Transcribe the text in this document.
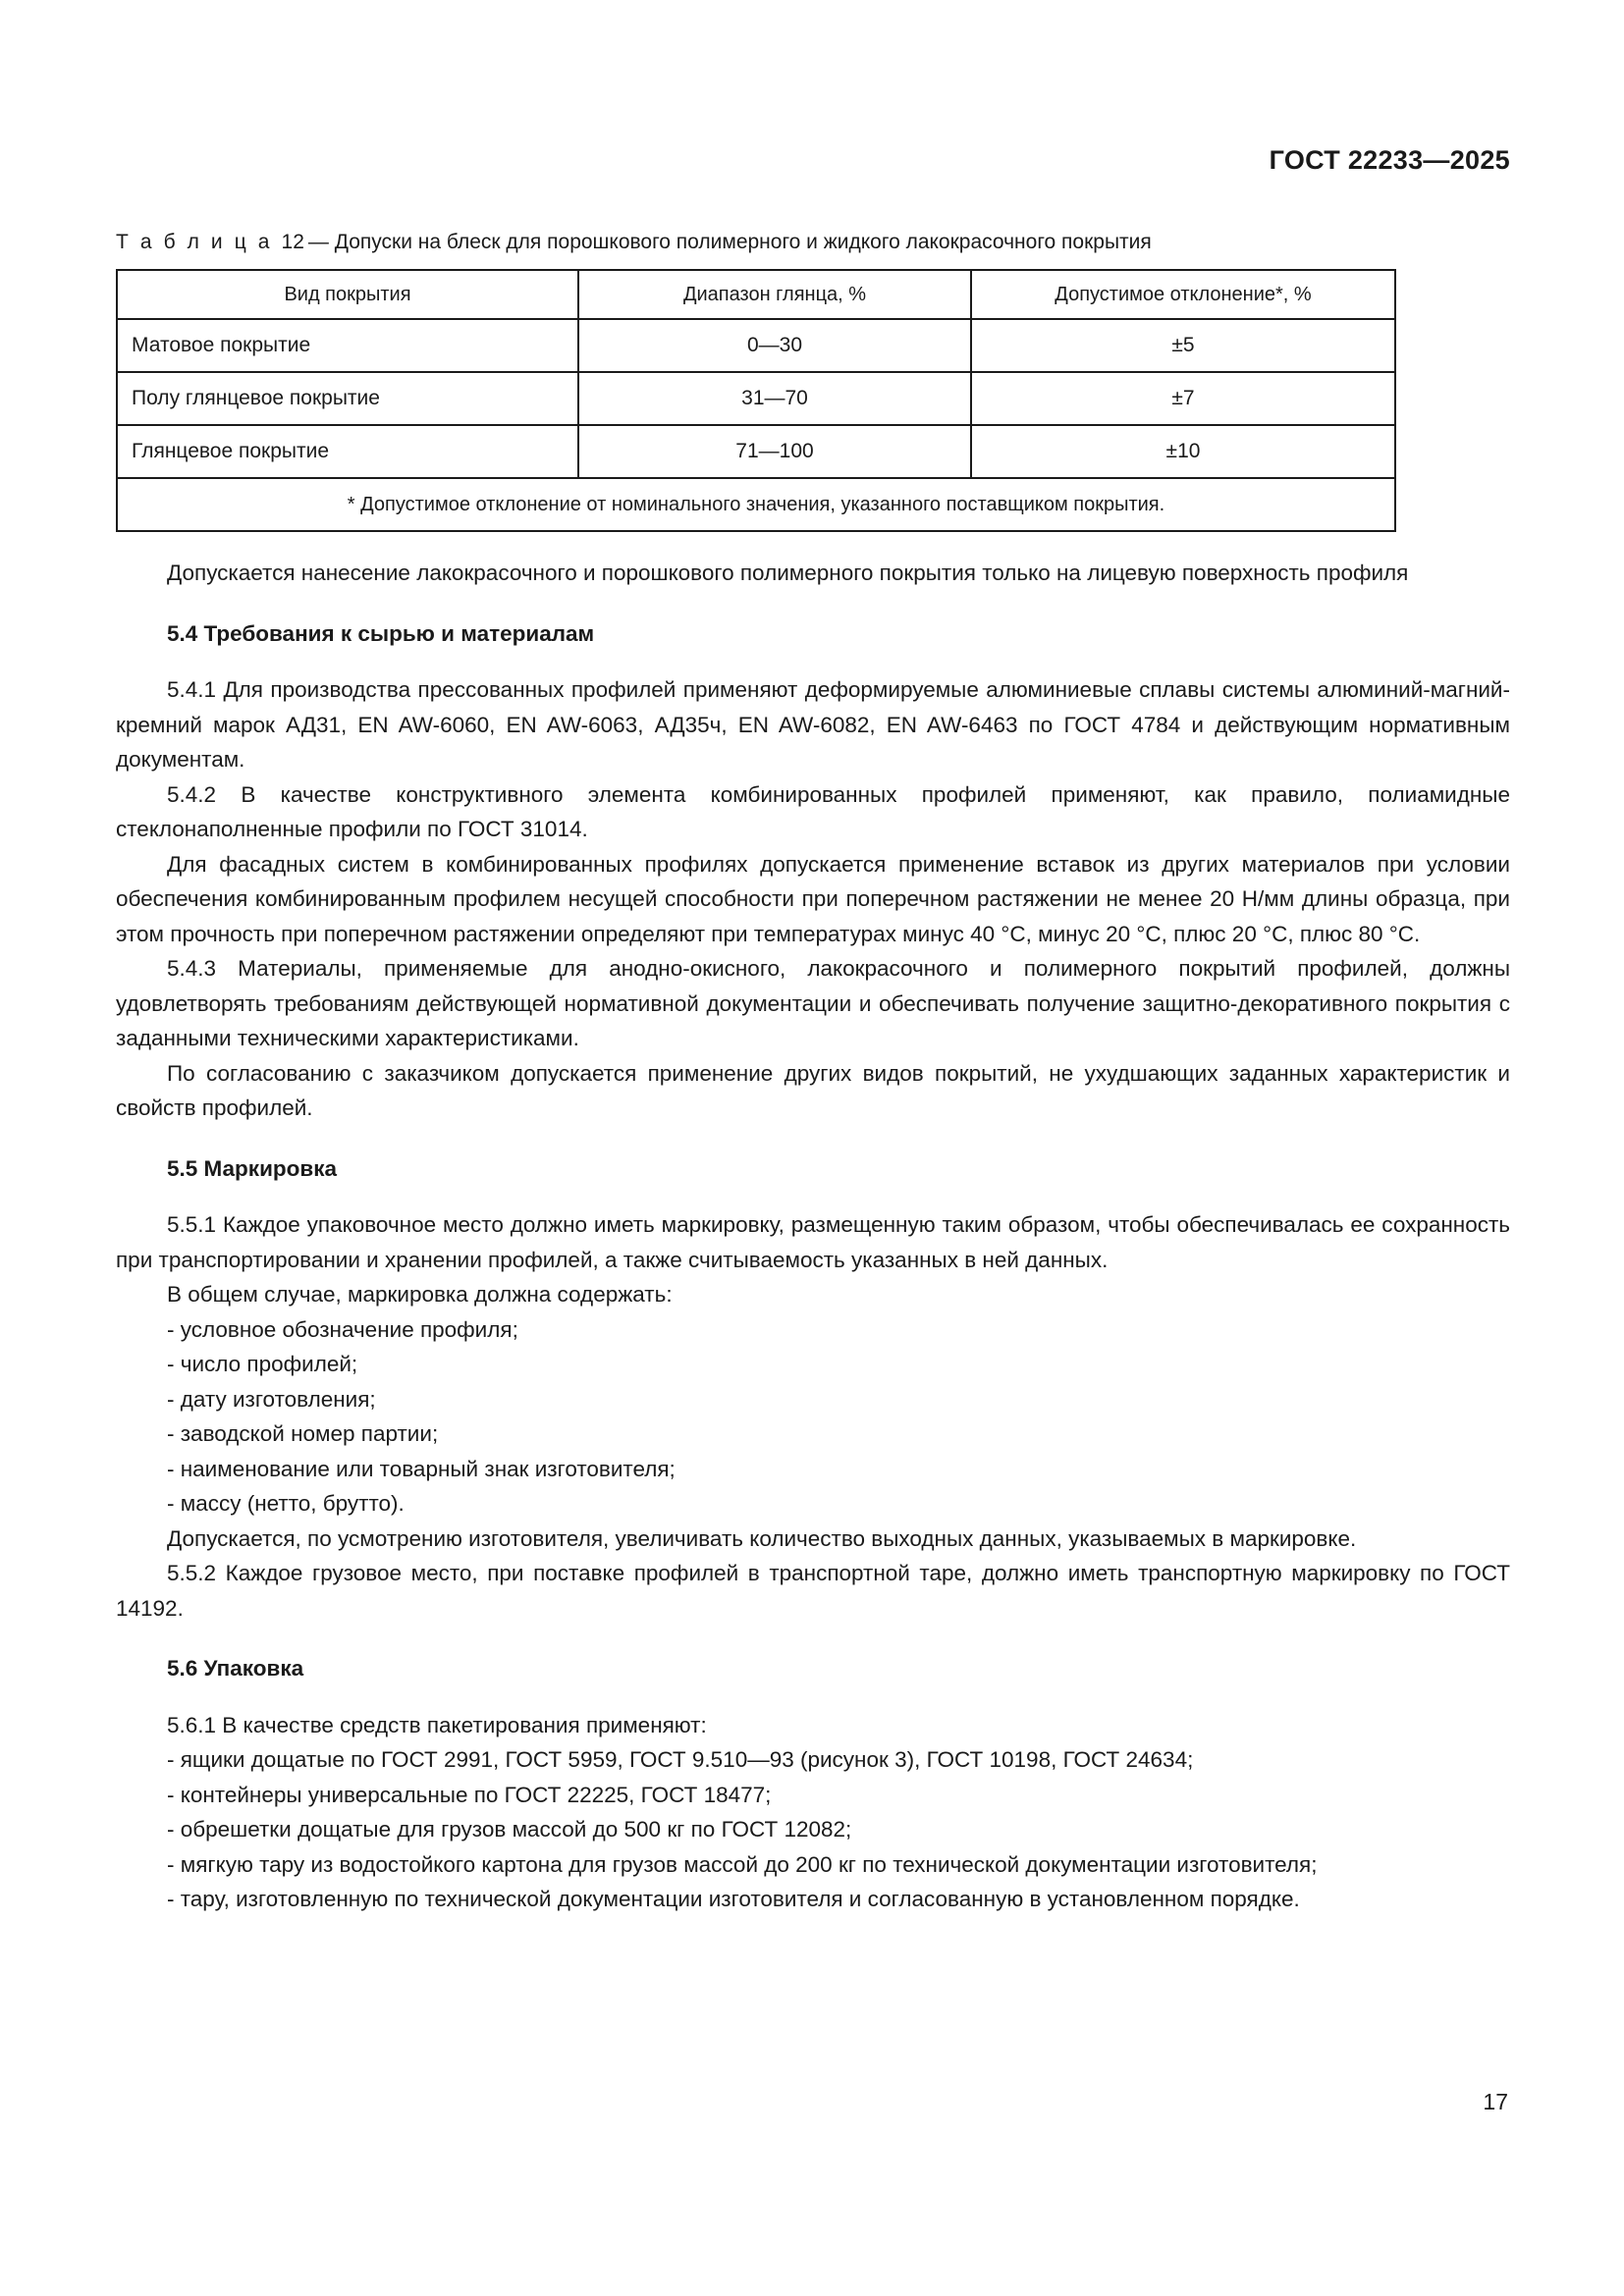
ГОСТ 22233—2025
Т а б л и ц а 12 — Допуски на блеск для порошкового полимерного и жидкого лакокрасочного покрытия
Вид покрытия	Диапазон глянца, %	Допустимое отклонение*, %
Матовое покрытие	0—30	±5
Полу глянцевое покрытие	31—70	±7
Глянцевое покрытие	71—100	±10
* Допустимое отклонение от номинального значения, указанного поставщиком покрытия.		

Допускается нанесение лакокрасочного и порошкового полимерного покрытия только на лицевую поверхность профиля

5.4 Требования к сырью и материалам

5.4.1 Для производства прессованных профилей применяют деформируемые алюминиевые сплавы системы алюминий-магний-кремний марок АД31, EN AW-6060, EN AW-6063, АД35ч, EN AW-6082, EN AW-6463 по ГОСТ 4784 и действующим нормативным документам.

5.4.2 В качестве конструктивного элемента комбинированных профилей применяют, как правило, полиамидные стеклонаполненные профили по ГОСТ 31014.

Для фасадных систем в комбинированных профилях допускается применение вставок из других материалов при условии обеспечения комбинированным профилем несущей способности при поперечном растяжении не менее 20 Н/мм длины образца, при этом прочность при поперечном растяжении определяют при температурах минус 40 °C, минус 20 °C, плюс 20 °C, плюс 80 °C.

5.4.3 Материалы, применяемые для анодно-окисного, лакокрасочного и полимерного покрытий профилей, должны удовлетворять требованиям действующей нормативной документации и обеспечивать получение защитно-декоративного покрытия с заданными техническими характеристиками.

По согласованию с заказчиком допускается применение других видов покрытий, не ухудшающих заданных характеристик и свойств профилей.

5.5 Маркировка

5.5.1 Каждое упаковочное место должно иметь маркировку, размещенную таким образом, чтобы обеспечивалась ее сохранность при транспортировании и хранении профилей, а также считываемость указанных в ней данных.

В общем случае, маркировка должна содержать:

- условное обозначение профиля;

- число профилей;

- дату изготовления;

- заводской номер партии;

- наименование или товарный знак изготовителя;

- массу (нетто, брутто).

Допускается, по усмотрению изготовителя, увеличивать количество выходных данных, указываемых в маркировке.

5.5.2 Каждое грузовое место, при поставке профилей в транспортной таре, должно иметь транспортную маркировку по ГОСТ 14192.

5.6 Упаковка

5.6.1 В качестве средств пакетирования применяют:

- ящики дощатые по ГОСТ 2991, ГОСТ 5959, ГОСТ 9.510—93 (рисунок 3), ГОСТ 10198, ГОСТ 24634;

- контейнеры универсальные по ГОСТ 22225, ГОСТ 18477;

- обрешетки дощатые для грузов массой до 500 кг по ГОСТ 12082;

- мягкую тару из водостойкого картона для грузов массой до 200 кг по технической документации изготовителя;

- тару, изготовленную по технической документации изготовителя и согласованную в установленном порядке.

17
